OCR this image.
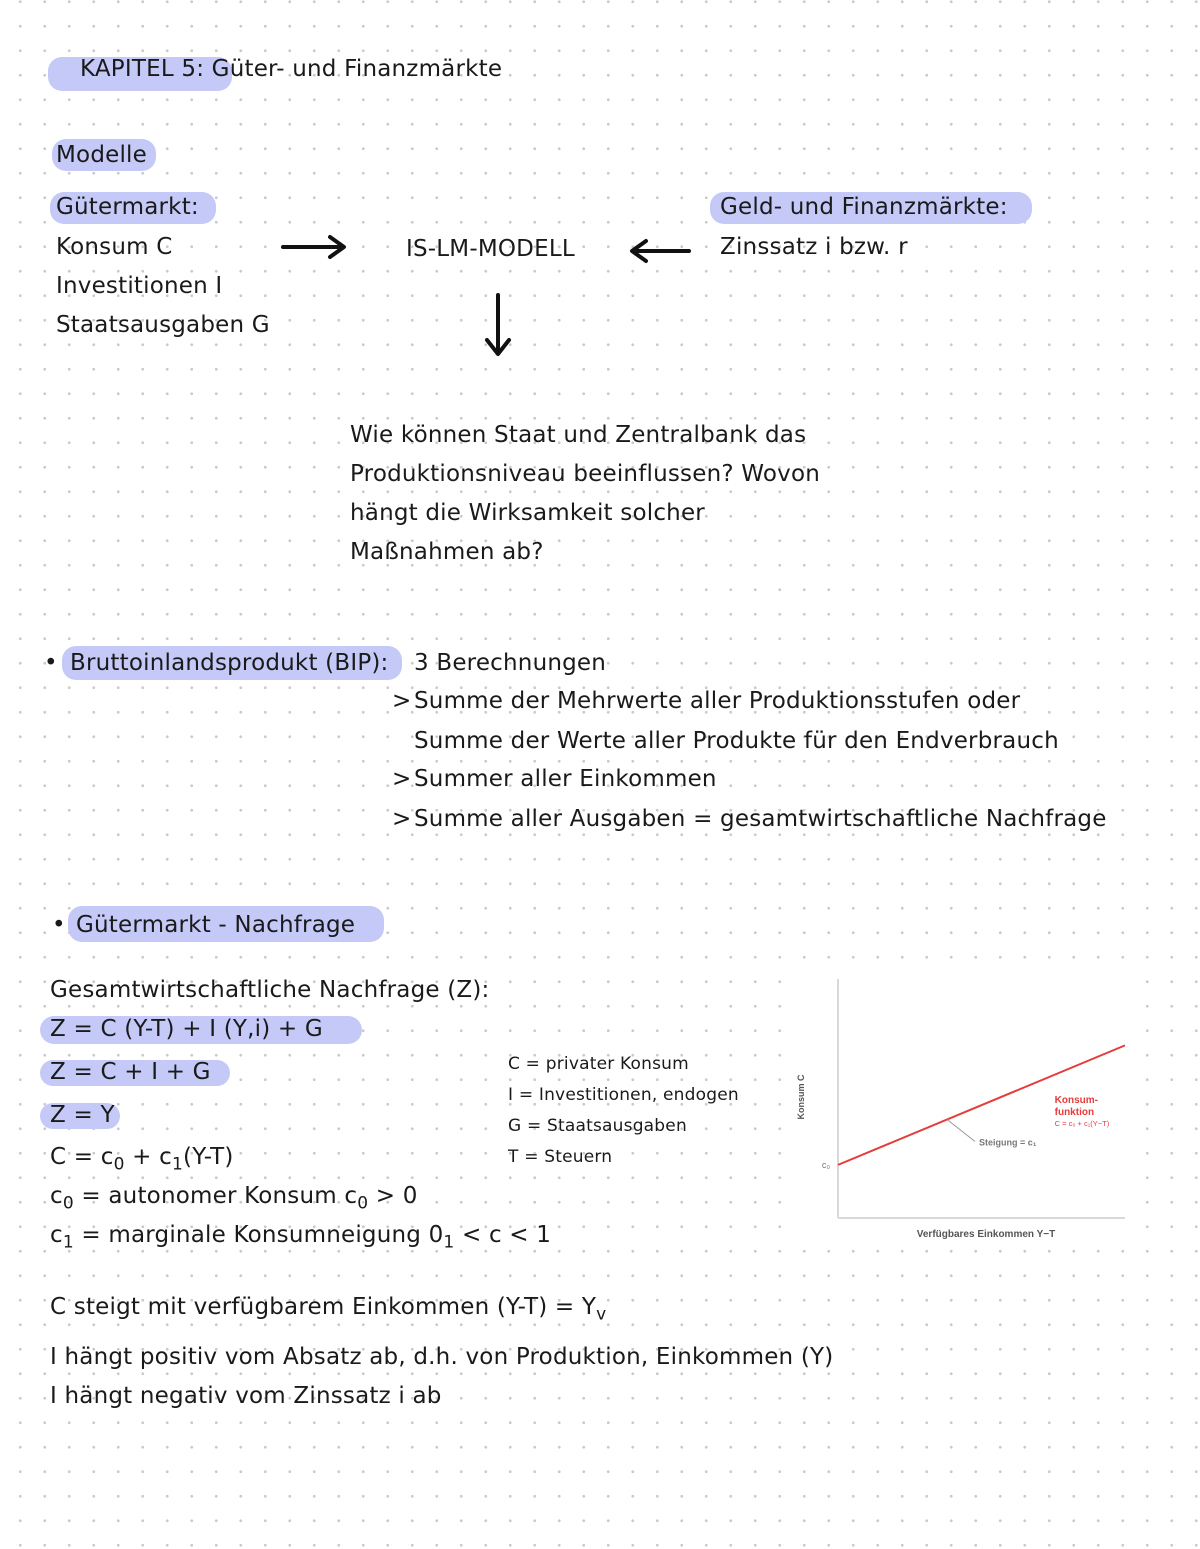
KAPITEL 5: Güter- und Finanzmärkte
Modelle
Gütermarkt:
Konsum C
Investitionen I
Staatsausgaben G
IS-LM-MODELL
Geld- und Finanzmärkte:
Zinssatz i bzw. r
Wie können Staat und Zentralbank das
Produktionsniveau beeinflussen? Wovon
hängt die Wirksamkeit solcher
Maßnahmen ab?
• Bruttoinlandsprodukt (BIP): 3 Berechnungen
> Summe der Mehrwerte aller Produktionsstufen oder
Summe der Werte aller Produkte für den Endverbrauch
> Summer aller Einkommen
> Summe aller Ausgaben = gesamtwirtschaftliche Nachfrage
• Gütermarkt - Nachfrage
Gesamtwirtschaftliche Nachfrage (Z):
Z = C (Y-T) + I (Y,i) + G
Z = C + I + G
Z = Y
$C = c_0 + c_1(Y-T)$
$c_0$ = autonomer Konsum $c_0 > 0$
$c_1$ = marginale Konsumneigung $0_1 < c < 1$
C = privater Konsum
I = Investitionen, endogen
G = Staatsausgaben
T = Steuern
Konsum C
Verfügbares Einkommen Y−T
c₀
Steigung = c₁
Konsum-
funktion
C = c₀ + c₁(Y−T)
C steigt mit verfügbarem Einkommen $(Y-T) = Y_v$
I hängt positiv vom Absatz ab, d.h. von Produktion, Einkommen (Y)
I hängt negativ vom Zinssatz i ab
